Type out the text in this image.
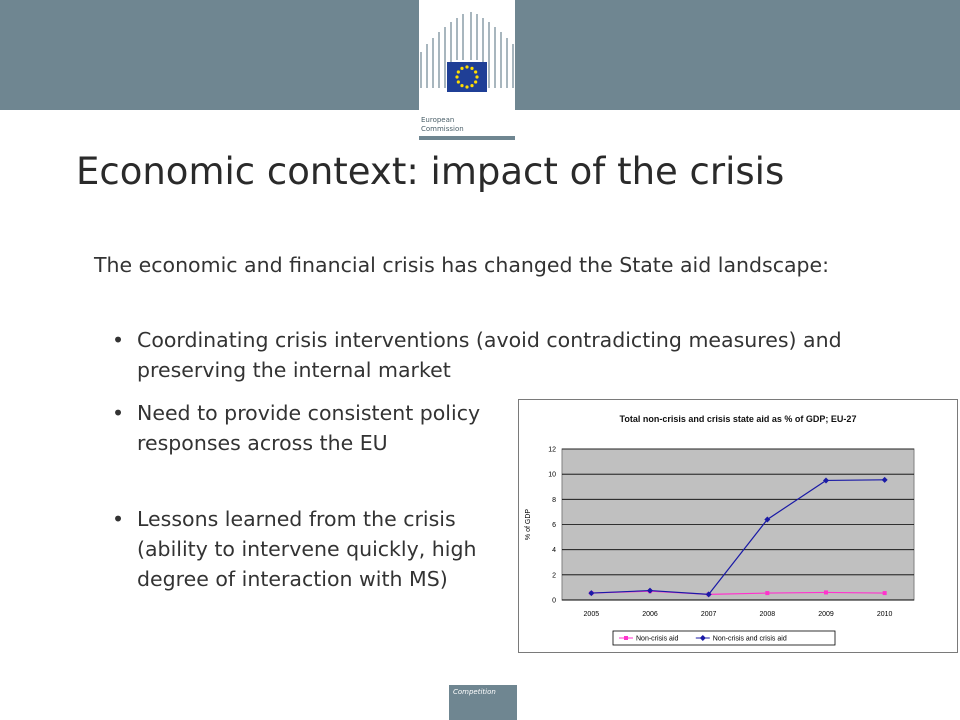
European
Commission
Economic context: impact of the crisis
The economic and financial crisis has changed the State aid landscape:
• Coordinating crisis interventions (avoid contradicting measures) and preserving the internal market
• Need to provide consistent policy responses across the EU
• Lessons learned from the crisis (ability to intervene quickly, high degree of interaction with MS)
Total non-crisis and crisis state aid as % of GDP; EU-27
0
2
4
6
8
10
12
2005	2006	2007	2008	2009	2010
% of GDP
Non-crisis aid	Non-crisis and crisis aid
Competition
